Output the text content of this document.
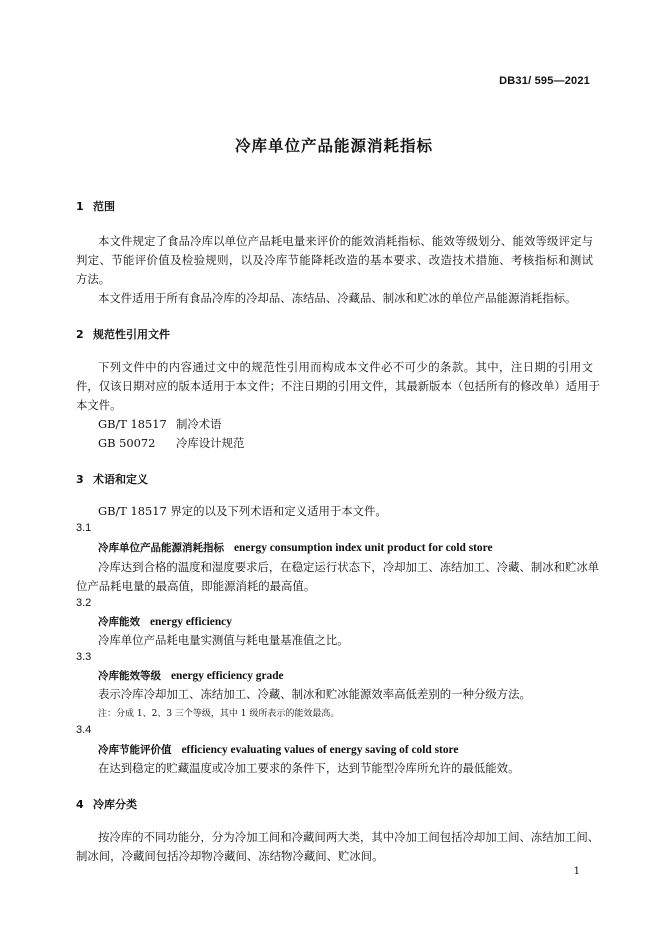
DB31/ 595—2021
冷库单位产品能源消耗指标
1 范围
本文件规定了食品冷库以单位产品耗电量来评价的能效消耗指标、能效等级划分、能效等级评定与
判定、节能评价值及检验规则，以及冷库节能降耗改造的基本要求、改造技术措施、考核指标和测试
方法。
本文件适用于所有食品冷库的冷却品、冻结品、冷藏品、制冰和贮冰的单位产品能源消耗指标。
2 规范性引用文件
下列文件中的内容通过文中的规范性引用而构成本文件必不可少的条款。其中，注日期的引用文
件，仅该日期对应的版本适用于本文件；不注日期的引用文件，其最新版本（包括所有的修改单）适用于
本文件。
GB/T 18517 制冷术语
GB 50072 冷库设计规范
3 术语和定义
GB/T 18517 界定的以及下列术语和定义适用于本文件。
3.1
冷库单位产品能源消耗指标 energy consumption index unit product for cold store
冷库达到合格的温度和湿度要求后，在稳定运行状态下，冷却加工、冻结加工、冷藏、制冰和贮冰单
位产品耗电量的最高值，即能源消耗的最高值。
3.2
冷库能效 energy efficiency
冷库单位产品耗电量实测值与耗电量基准值之比。
3.3
冷库能效等级 energy efficiency grade
表示冷库冷却加工、冻结加工、冷藏、制冰和贮冰能源效率高低差别的一种分级方法。
注：分成 1、2、3 三个等级，其中 1 级所表示的能效最高。
3.4
冷库节能评价值 efficiency evaluating values of energy saving of cold store
在达到稳定的贮藏温度或冷加工要求的条件下，达到节能型冷库所允许的最低能效。
4 冷库分类
按冷库的不同功能分，分为冷加工间和冷藏间两大类，其中冷加工间包括冷却加工间、冻结加工间、
制冰间，冷藏间包括冷却物冷藏间、冻结物冷藏间、贮冰间。
1
